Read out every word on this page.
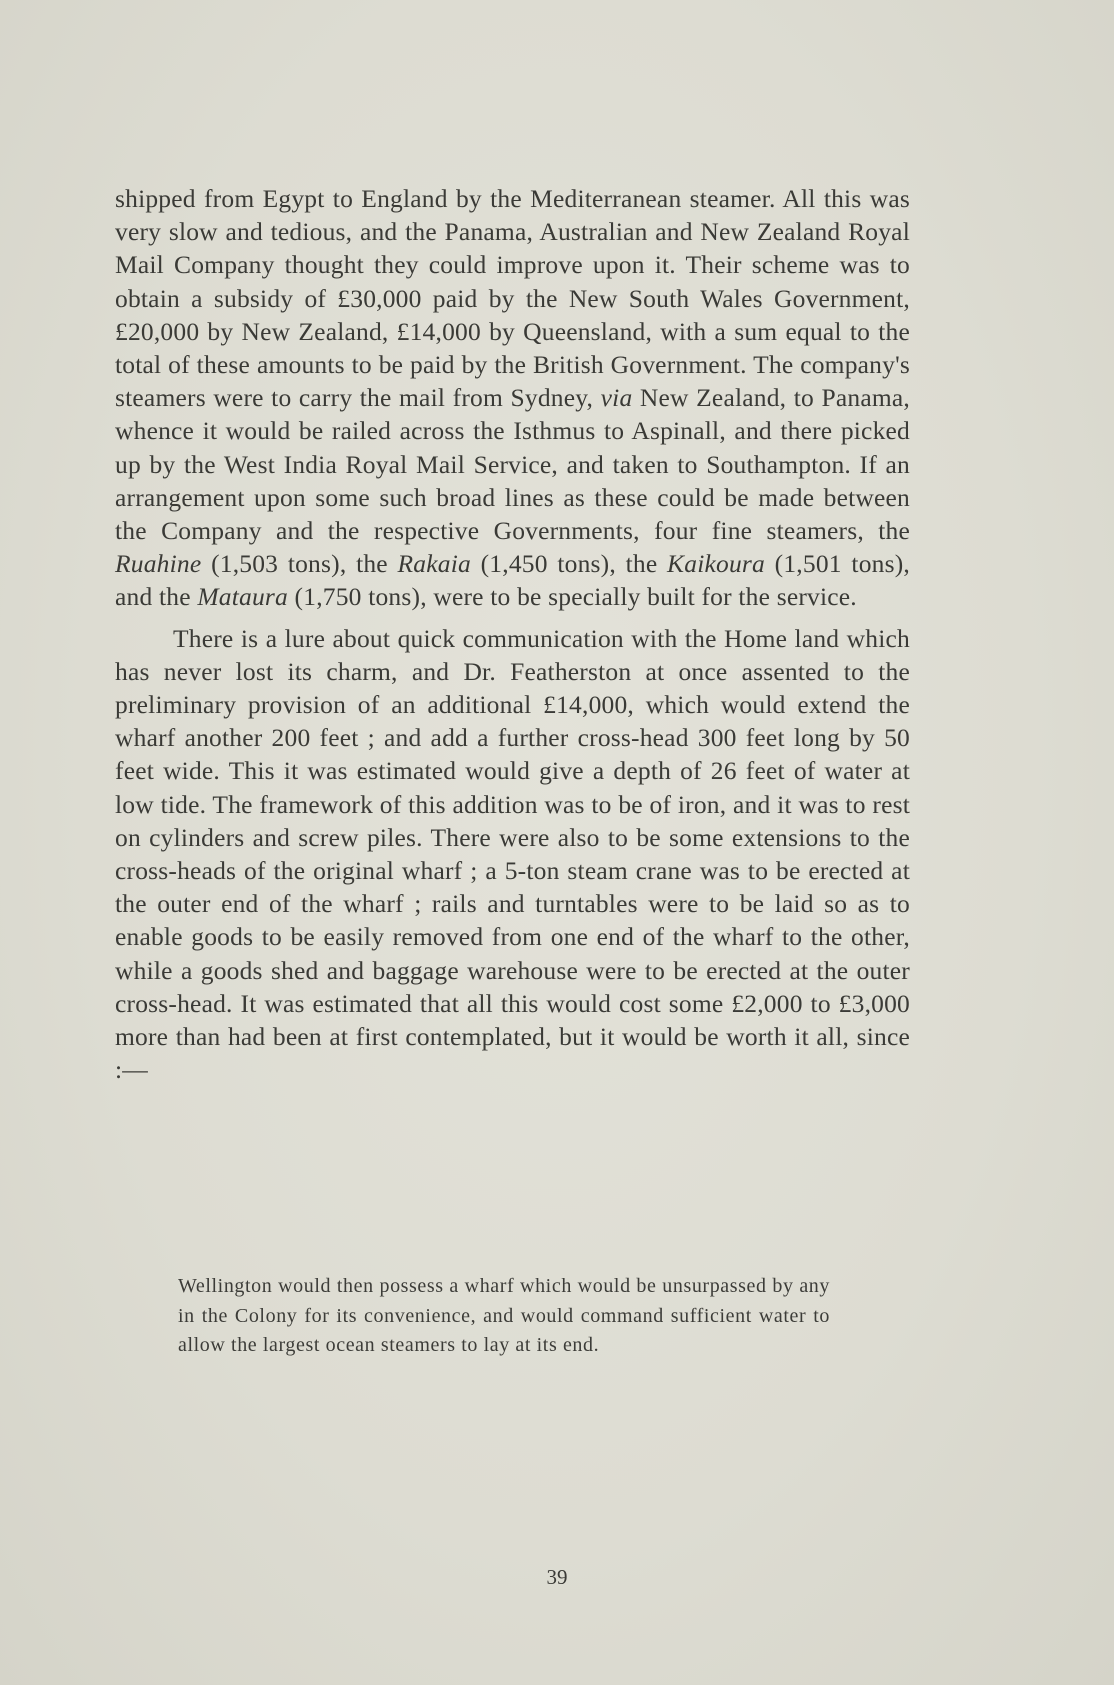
shipped from Egypt to England by the Mediterranean steamer. All this was very slow and tedious, and the Panama, Australian and New Zealand Royal Mail Company thought they could improve upon it. Their scheme was to obtain a subsidy of £30,000 paid by the New South Wales Government, £20,000 by New Zealand, £14,000 by Queensland, with a sum equal to the total of these amounts to be paid by the British Government. The company's steamers were to carry the mail from Sydney, via New Zealand, to Panama, whence it would be railed across the Isthmus to Aspinall, and there picked up by the West India Royal Mail Service, and taken to Southampton. If an arrangement upon some such broad lines as these could be made between the Company and the respective Governments, four fine steamers, the Ruahine (1,503 tons), the Rakaia (1,450 tons), the Kaikoura (1,501 tons), and the Mataura (1,750 tons), were to be specially built for the service.

There is a lure about quick communication with the Home land which has never lost its charm, and Dr. Featherston at once assented to the preliminary provision of an additional £14,000, which would extend the wharf another 200 feet ; and add a further cross-head 300 feet long by 50 feet wide. This it was estimated would give a depth of 26 feet of water at low tide. The framework of this addition was to be of iron, and it was to rest on cylinders and screw piles. There were also to be some extensions to the cross-heads of the original wharf ; a 5-ton steam crane was to be erected at the outer end of the wharf ; rails and turntables were to be laid so as to enable goods to be easily removed from one end of the wharf to the other, while a goods shed and baggage warehouse were to be erected at the outer cross-head. It was estimated that all this would cost some £2,000 to £3,000 more than had been at first contemplated, but it would be worth it all, since :—

Wellington would then possess a wharf which would be unsurpassed by any in the Colony for its convenience, and would command sufficient water to allow the largest ocean steamers to lay at its end.
39
